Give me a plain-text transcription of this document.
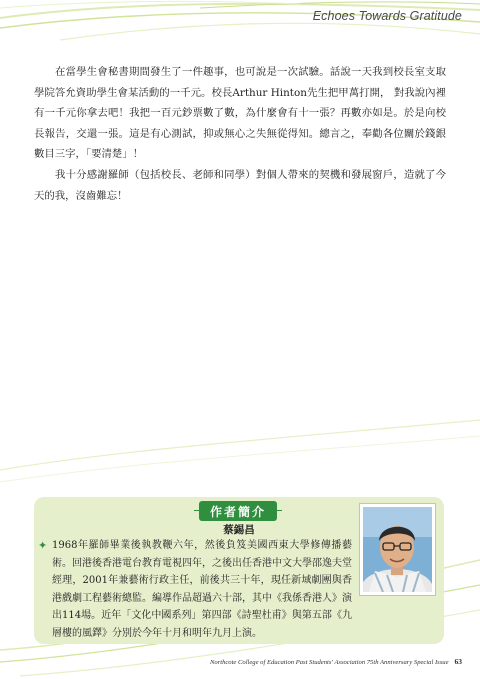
Echoes Towards Gratitude

在當學生會秘書期間發生了一件趣事，也可說是一次試驗。話說一天我到校長室支取學院答允資助學生會某活動的一千元。校長Arthur Hinton先生把甲萬打開， 對我說內裡有一千元你拿去吧！我把一百元鈔票數了數，為什麼會有十一張？再數亦如是。於是向校長報告，交還一張。這是有心測試，抑或無心之失無從得知。總言之，奉勸各位關於錢銀數目三字，「要清楚」！

我十分感謝羅師（包括校長、老師和同學）對個人帶來的契機和發展窗戶，造就了今天的我，沒齒難忘！

作者簡介
蔡錫昌
✦ 1968年羅師畢業後執教鞭六年，然後負笈美國西東大學修傳播藝術。回港後香港電台教育電視四年，之後出任香港中文大學邵逸夫堂經理，2001年兼藝術行政主任，前後共三十年，現任新域劇團與香港戲劇工程藝術總監。編導作品超過六十部，其中《我係香港人》演出114場。近年「文化中國系列」第四部《詩聖杜甫》與第五部《九層樓的風鐸》分別於今年十月和明年九月上演。
Northcote College of Education Past Students' Association 75th Anniversary Special Issue 63
